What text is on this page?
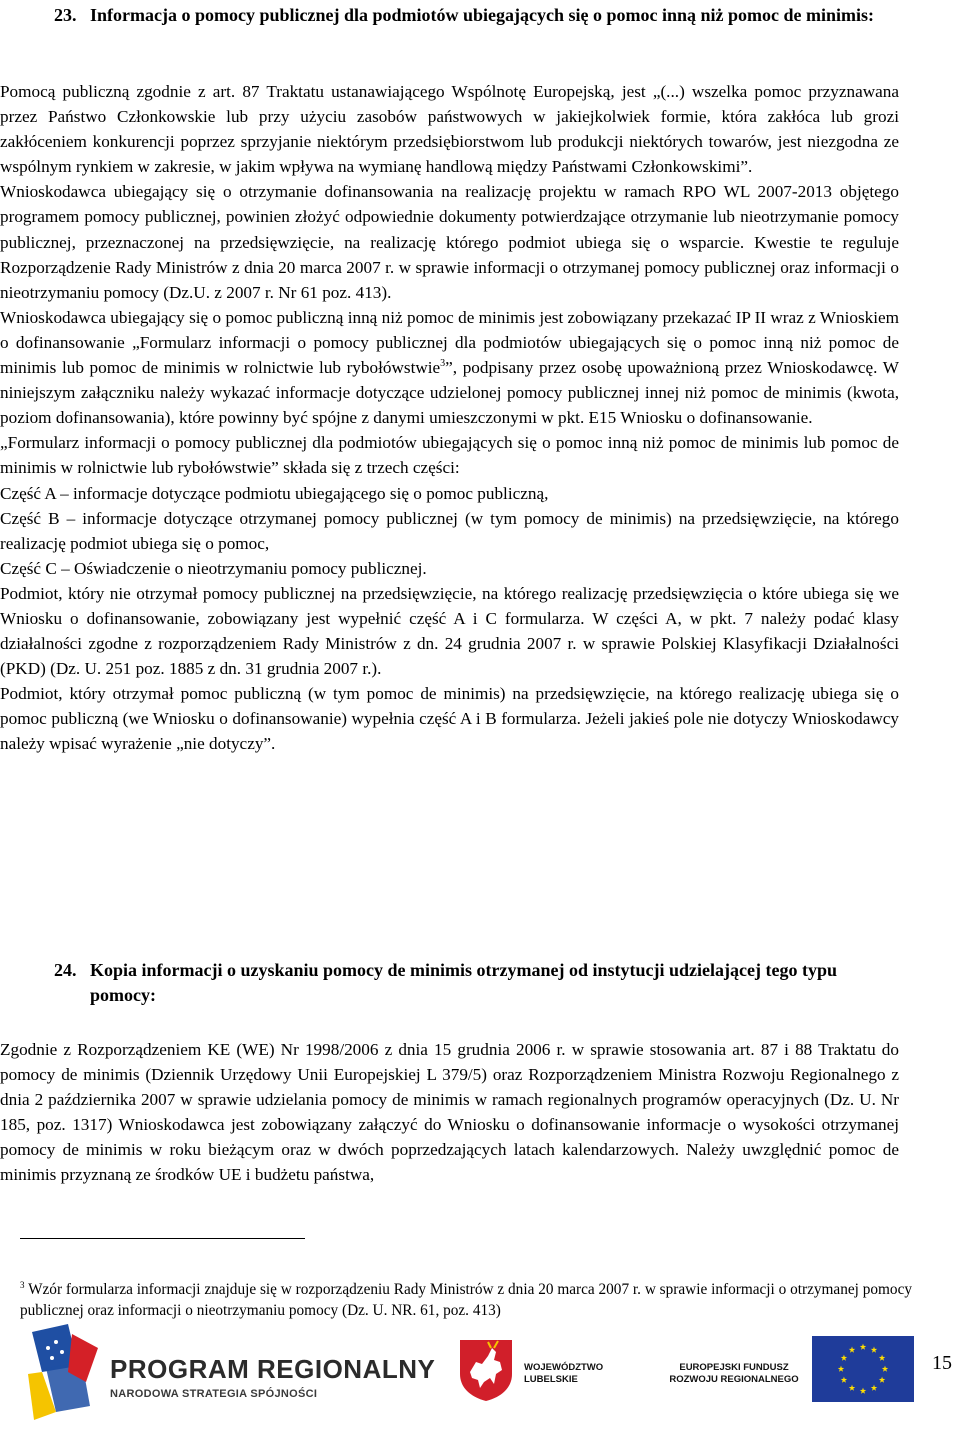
23. Informacja o pomocy publicznej dla podmiotów ubiegających się o pomoc inną niż pomoc de minimis:

Pomocą publiczną zgodnie z art. 87 Traktatu ustanawiającego Wspólnotę Europejską, jest „(...) wszelka pomoc przyznawana przez Państwo Członkowskie lub przy użyciu zasobów państwowych w jakiejkolwiek formie, która zakłóca lub grozi zakłóceniem konkurencji poprzez sprzyjanie niektórym przedsiębiorstwom lub produkcji niektórych towarów, jest niezgodna ze wspólnym rynkiem w zakresie, w jakim wpływa na wymianę handlową między Państwami Członkowskimi”.

Wnioskodawca ubiegający się o otrzymanie dofinansowania na realizację projektu w ramach RPO WL 2007-2013 objętego programem pomocy publicznej, powinien złożyć odpowiednie dokumenty potwierdzające otrzymanie lub nieotrzymanie pomocy publicznej, przeznaczonej na przedsięwzięcie, na realizację którego podmiot ubiega się o wsparcie. Kwestie te reguluje Rozporządzenie Rady Ministrów z dnia 20 marca 2007 r. w sprawie informacji o otrzymanej pomocy publicznej oraz informacji o nieotrzymaniu pomocy (Dz.U. z 2007 r. Nr 61 poz. 413).

Wnioskodawca ubiegający się o pomoc publiczną inną niż pomoc de minimis jest zobowiązany przekazać IP II wraz z Wnioskiem o dofinansowanie „Formularz informacji o pomocy publicznej dla podmiotów ubiegających się o pomoc inną niż pomoc de minimis lub pomoc de minimis w rolnictwie lub rybołówstwie$^3$”, podpisany przez osobę upoważnioną przez Wnioskodawcę. W niniejszym załączniku należy wykazać informacje dotyczące udzielonej pomocy publicznej innej niż pomoc de minimis (kwota, poziom dofinansowania), które powinny być spójne z danymi umieszczonymi w pkt. E15 Wniosku o dofinansowanie.

„Formularz informacji o pomocy publicznej dla podmiotów ubiegających się o pomoc inną niż pomoc de minimis lub pomoc de minimis w rolnictwie lub rybołówstwie” składa się z trzech części:

Część A – informacje dotyczące podmiotu ubiegającego się o pomoc publiczną,

Część B – informacje dotyczące otrzymanej pomocy publicznej (w tym pomocy de minimis) na przedsięwzięcie, na którego realizację podmiot ubiega się o pomoc,

Część C – Oświadczenie o nieotrzymaniu pomocy publicznej.

Podmiot, który nie otrzymał pomocy publicznej na przedsięwzięcie, na którego realizację przedsięwzięcia o które ubiega się we Wniosku o dofinansowanie, zobowiązany jest wypełnić część A i C formularza. W części A, w pkt. 7 należy podać klasy działalności zgodne z rozporządzeniem Rady Ministrów z dn. 24 grudnia 2007 r. w sprawie Polskiej Klasyfikacji Działalności (PKD) (Dz. U. 251 poz. 1885 z dn. 31 grudnia 2007 r.).

Podmiot, który otrzymał pomoc publiczną (w tym pomoc de minimis) na przedsięwzięcie, na którego realizację ubiega się o pomoc publiczną (we Wniosku o dofinansowanie) wypełnia część A i B formularza. Jeżeli jakieś pole nie dotyczy Wnioskodawcy należy wpisać wyrażenie „nie dotyczy”.

24. Kopia informacji o uzyskaniu pomocy de minimis otrzymanej od instytucji udzielającej tego typu pomocy:

Zgodnie z Rozporządzeniem KE (WE) Nr 1998/2006 z dnia 15 grudnia 2006 r. w sprawie stosowania art. 87 i 88 Traktatu do pomocy de minimis (Dziennik Urzędowy Unii Europejskiej L 379/5) oraz Rozporządzeniem Ministra Rozwoju Regionalnego z dnia 2 października 2007 w sprawie udzielania pomocy de minimis w ramach regionalnych programów operacyjnych (Dz. U. Nr 185, poz. 1317) Wnioskodawca jest zobowiązany załączyć do Wniosku o dofinansowanie informacje o wysokości otrzymanej pomocy de minimis w roku bieżącym oraz w dwóch poprzedzających latach kalendarzowych. Należy uwzględnić pomoc de minimis przyznaną ze środków UE i budżetu państwa,

$^3$ Wzór formularza informacji znajduje się w rozporządzeniu Rady Ministrów z dnia 20 marca 2007 r. w sprawie informacji o otrzymanej pomocy publicznej oraz informacji o nieotrzymaniu pomocy (Dz. U. NR. 61, poz. 413)

PROGRAM REGIONALNY
NARODOWA STRATEGIA SPÓJNOŚCI
WOJEWÓDZTWO
LUBELSKIE
EUROPEJSKI FUNDUSZ
ROZWOJU REGIONALNEGO
15
